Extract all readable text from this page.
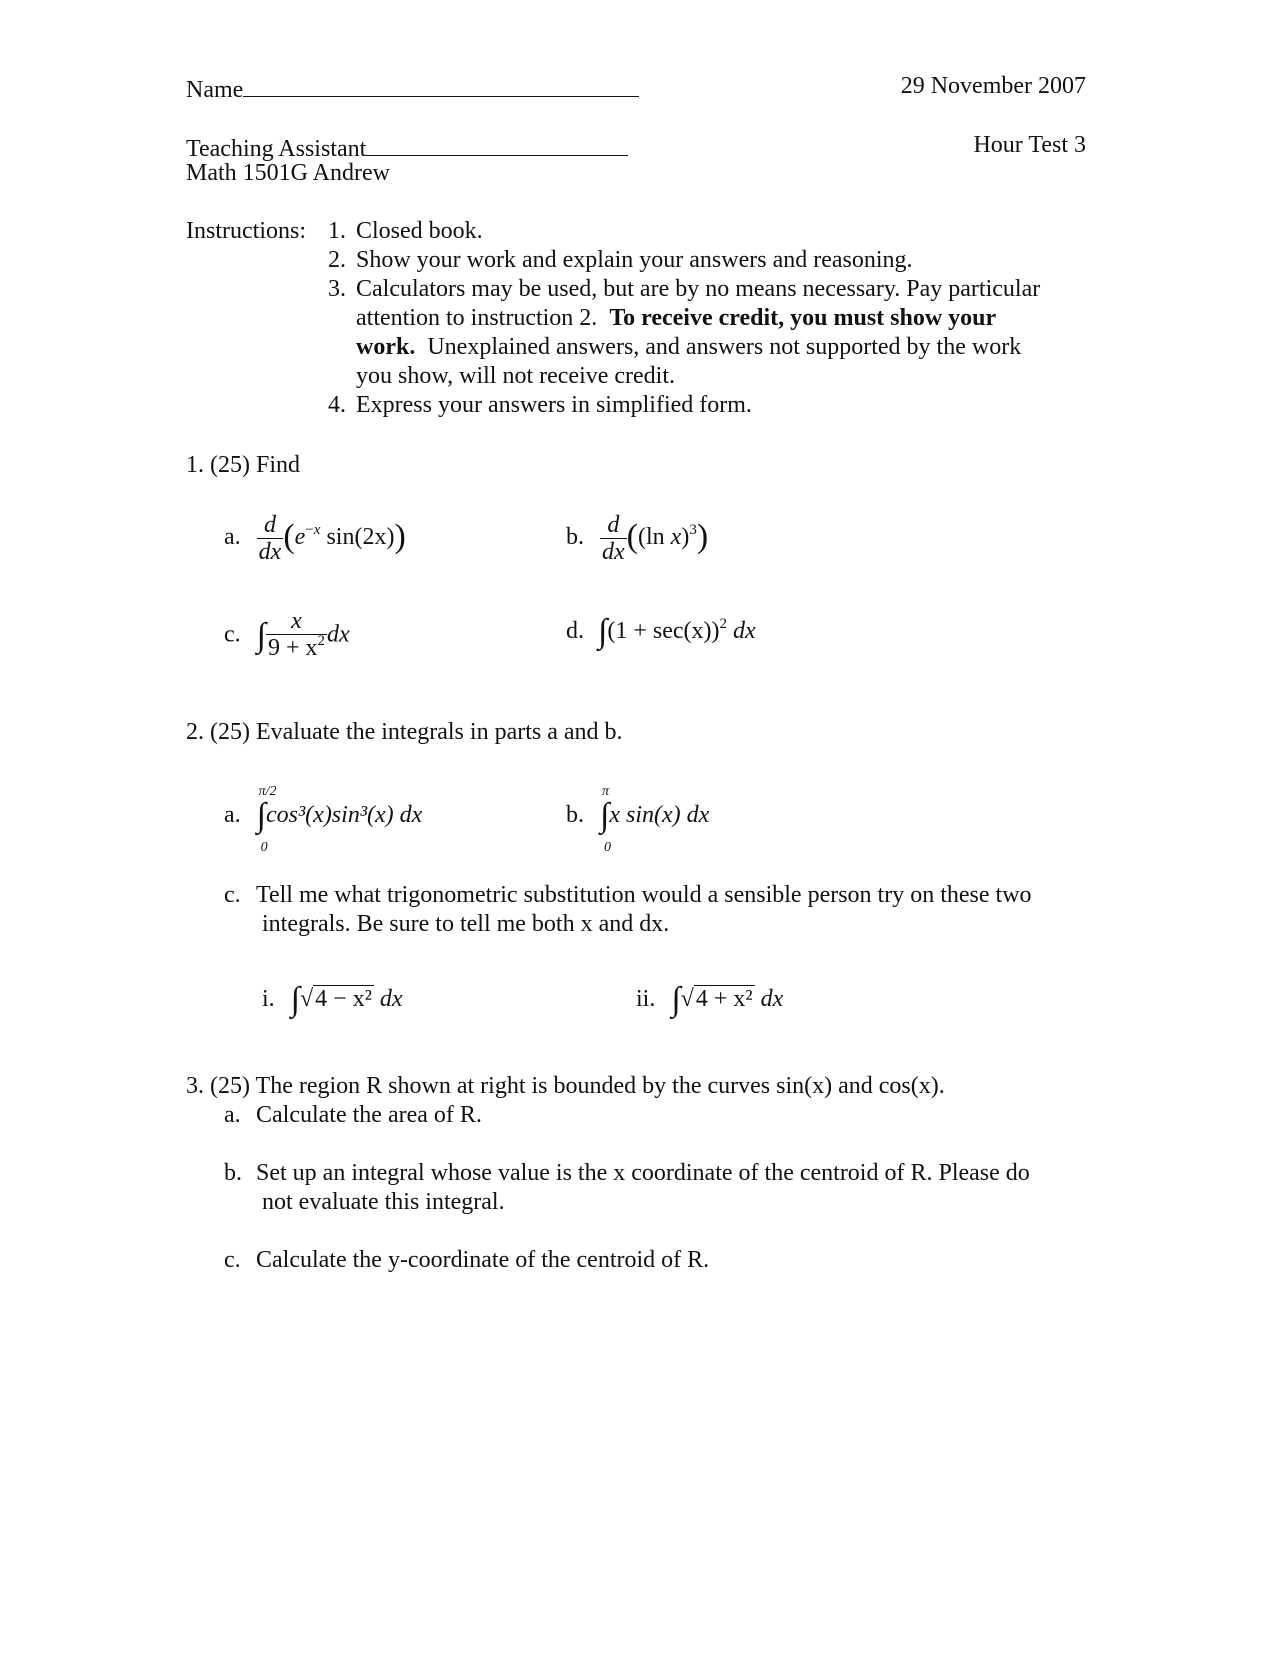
Name	29 November 2007
Teaching Assistant	Hour Test 3
Math 1501G Andrew
Instructions: 1. Closed book.
2. Show your work and explain your answers and reasoning.
3. Calculators may be used, but are by no means necessary. Pay particular
attention to instruction 2. To receive credit, you must show your
work. Unexplained answers, and answers not supported by the work
you show, will not receive credit.
4. Express your answers in simplified form.
1. (25) Find
a. $\frac{d}{dx} (e^{-x}$ sin(2x))	b. $\frac{d}{dx} ((\ln$ x)$^3$)
c. ∫ $\frac{x}{9 + x^2}$ dx	d. $\int(1 + \sec(x))^2$ dx
2. (25) Evaluate the integrals in parts a and b.
a.
π/2
∫
0
cos³(x)sin³(x) dx	b.
π
∫
0
x sin(x) dx
c. Tell me what trigonometric substitution would a sensible person try on these two
integrals. Be sure to tell me both x and dx.
i. ∫√4 − x² dx	ii. ∫√4 + x² dx
3. (25) The region R shown at right is bounded by the curves sin(x) and cos(x).
a. Calculate the area of R.
b. Set up an integral whose value is the x coordinate of the centroid of R. Please do
not evaluate this integral.
c. Calculate the y-coordinate of the centroid of R.
